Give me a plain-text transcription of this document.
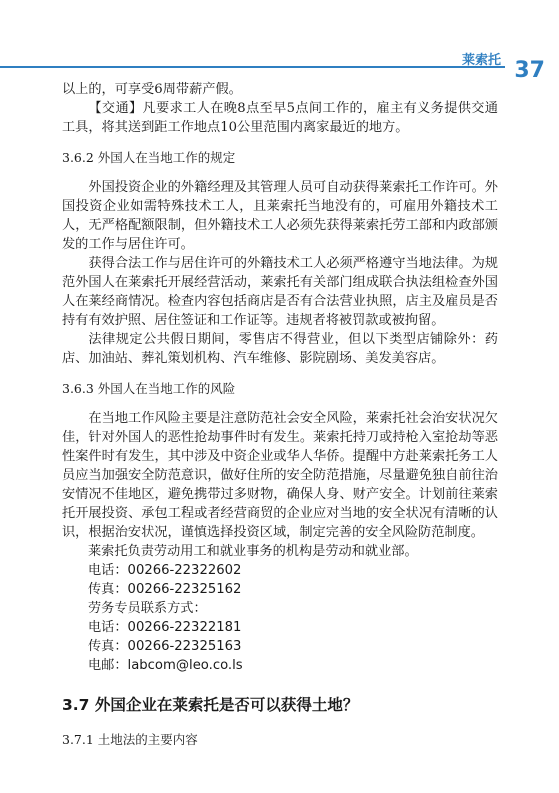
莱索托 37

以上的，可享受6周带薪产假。

【交通】凡要求工人在晚8点至早5点间工作的，雇主有义务提供交通工具，将其送到距工作地点10公里范围内离家最近的地方。

3.6.2 外国人在当地工作的规定

外国投资企业的外籍经理及其管理人员可自动获得莱索托工作许可。外国投资企业如需特殊技术工人，且莱索托当地没有的，可雇用外籍技术工人，无严格配额限制，但外籍技术工人必须先获得莱索托劳工部和内政部颁发的工作与居住许可。

获得合法工作与居住许可的外籍技术工人必须严格遵守当地法律。为规范外国人在莱索托开展经营活动，莱索托有关部门组成联合执法组检查外国人在莱经商情况。检查内容包括商店是否有合法营业执照，店主及雇员是否持有有效护照、居住签证和工作证等。违规者将被罚款或被拘留。

法律规定公共假日期间，零售店不得营业，但以下类型店铺除外：药店、加油站、葬礼策划机构、汽车维修、影院剧场、美发美容店。

3.6.3 外国人在当地工作的风险

在当地工作风险主要是注意防范社会安全风险，莱索托社会治安状况欠佳，针对外国人的恶性抢劫事件时有发生。莱索托持刀或持枪入室抢劫等恶性案件时有发生，其中涉及中资企业或华人华侨。提醒中方赴莱索托务工人员应当加强安全防范意识，做好住所的安全防范措施，尽量避免独自前往治安情况不佳地区，避免携带过多财物，确保人身、财产安全。计划前往莱索托开展投资、承包工程或者经营商贸的企业应对当地的安全状况有清晰的认识，根据治安状况，谨慎选择投资区域，制定完善的安全风险防范制度。

莱索托负责劳动用工和就业事务的机构是劳动和就业部。
电话：00266-22322602
传真：00266-22325162
劳务专员联系方式：
电话：00266-22322181
传真：00266-22325163
电邮：labcom@leo.co.ls
3.7 外国企业在莱索托是否可以获得土地？
3.7.1 土地法的主要内容
